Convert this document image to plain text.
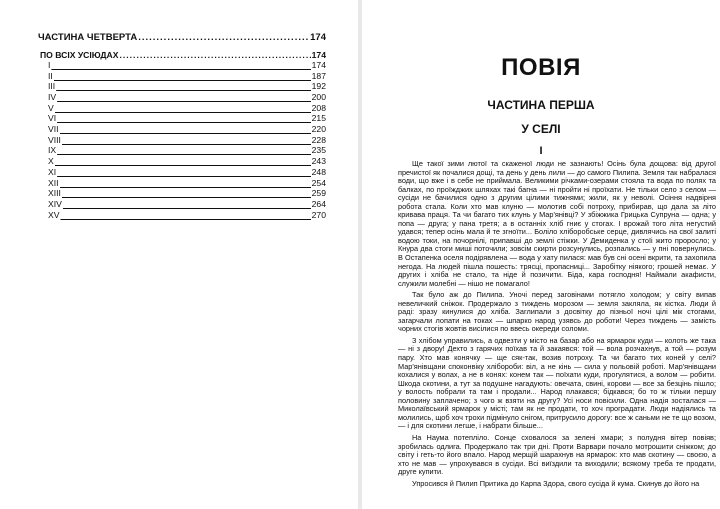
ЧАСТИНА ЧЕТВЕРТА .....	174
ПО ВСІХ УСІЮДАХ .....	174
I	174
II	187
III	192
IV	200
V	208
VI	215
VII	220
VIII	228
IX	235
X	243
XI	248
XII	254
XIII	259
XIV	264
XV	270
ПОВІЯ
ЧАСТИНА ПЕРША
У СЕЛІ
I

Ще такої зими лютої та скаженої люди не зазнають! Осінь була дощова: від другої пречистої як почалися дощі, та день у день лили — до самого Пилипа. Земля так набралася води, що вже і в себе не приймала. Великими річками-озерами стояла та вода по полях та балках, по проїжджих шляхах такі багна — ні пройти ні проїхати. Не тільки село з селом — сусіди не бачилися одно з другим цілими тижнями; жили, як у неволі. Осіння надвірня робота стала. Коли хто мав клуню — молотив собі потроху, прибирав, що дала за літо кривава праця. Та чи багато тих клунь у Мар'янівці? У збіжжика Грицька Супруна — одна; у попа — друга; у пана третя; а в останніх хліб гниє у стогах. І врожай того літа негустий удався; тепер осінь мала й те згноїти... Боліло хліборобське серце, дивлячись на свої залиті водою токи, на почорнілі, припавші до землі стіжки. У Демиденка у стоїі жито проросло; у Кнура два стоги миші поточили; зовсім скирти розсунулись, розпались — у пні повернулись. В Остапенка оселя подірявлена — вода у хату пилася: мав був сні осені вкрити, та захопила негода. На людей пішла пошесть: трясці, пропасниці... Заробітку ніякого; грошей немає. У других і хліба не стало, та ніде й позичити. Біда, кара господня! Наймали акафисти, служили молебні — нішо не помагало!

Так було аж до Пилипа. Уночі перед заговінами потягло холодом; у світу випав невеличкий сніжок. Продержало з тиждень морозом — земля закляла, як кістка. Люди й раді: зразу кинулися до хліба. Заглипали з досвітку до пізньої ночі цілі мік стогами, загарчали лопати на токах — шпарко народ узявсь до роботи! Через тиждень — замість чорних стогів жовтів висілися по ввесь окереди соломи.

З хлібом управились, а одвезти у місто на базар або на ярмарок куди — колоть же така — ні з двору! Дехто з гарячих поїхав та й закаявся: той — вола розчахнув, а той — розум пару. Хто мав конячку — ще сяк-так, возив потроху. Та чи багато тих коней у селі? Мар'янівщани споконвіку хлібороби: віл, а не кінь — сила у польовій роботі. Мар'янівщани кохалися у волах, а не в конях: конем так — поїхати куди, прогулятися, а волом — робити. Шкода скотини, а тут за подушне нагадують: овечата, свині, корови — все за безцінь пішло; у волость побрали та там і продали... Народ плакався; бідкався; бо то ж тільки першу половину заплачено; з чого ж взяти на другу? Усі носи повісили. Одна надія зосталася — Миколаївський ярмарок у місті; там як не продати, то хоч проградати. Люди надіялись та молились, щоб хоч трохи підмінуло снігом, притрусило дорогу: все ж саньми не те що возом, — і для скотини легше, і набрати більше...

На Наума потепліло. Сонце сховалося за зелені хмари; з полудня вітер повіяв; зробилась одлига. Продержало так три дні. Проти Варвари почало мотрошити сніжком; до світу і геть-то його впало. Народ мерщій шарахнув на ярмарок: хто мав скотину — своєю, а хто не мав — упрохувався в сусіди. Всі виїздили та виходили; всякому треба те продати, друге купити.

Упросився й Пилип Притика до Карпа Здора, свого сусіда й кума. Скинув до його на
